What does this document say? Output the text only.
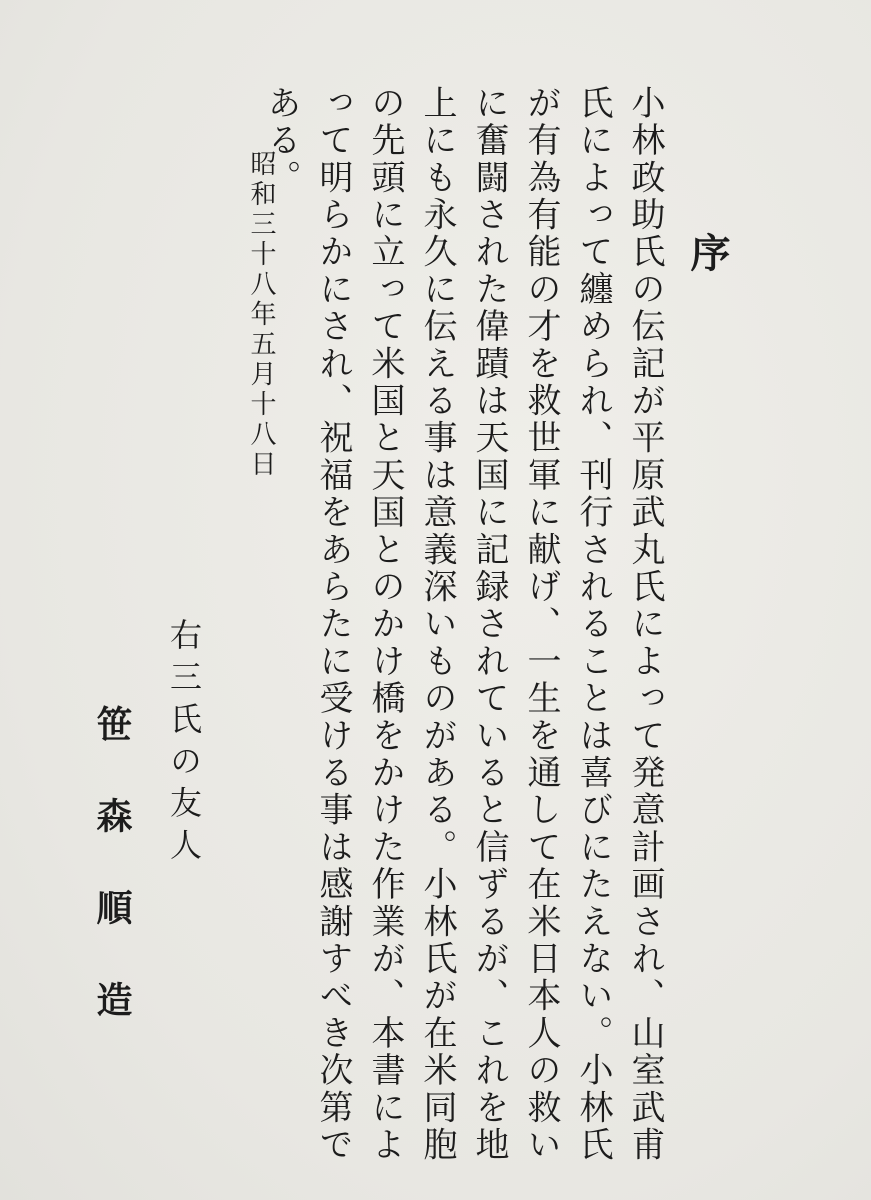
序
小林政助氏の伝記が平原武丸氏によって発意計画され、山室武甫氏によって纏められ、刊行されることは喜びにたえない。小林氏が有為有能の才を救世軍に献げ、一生を通して在米日本人の救いに奮闘された偉蹟は天国に記録されていると信ずるが、これを地上にも永久に伝える事は意義深いものがある。小林氏が在米同胞の先頭に立って米国と天国とのかけ橋をかけた作業が、本書によって明らかにされ、祝福をあらたに受ける事は感謝すべき次第である。
昭和三十八年五月十八日
右三氏の友人
笹森順造
